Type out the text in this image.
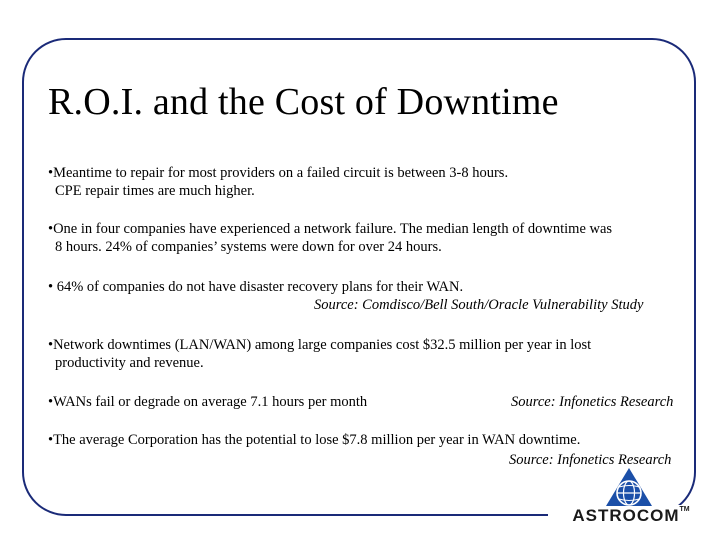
R.O.I. and the Cost of Downtime

•Meantime to repair for most providers on a failed circuit is between 3-8 hours.
CPE repair times are much higher.

•One in four companies have experienced a network failure. The median length of downtime was
8 hours. 24% of companies’ systems were down for over 24 hours.

• 64% of companies do not have disaster recovery plans for their WAN.

Source: Comdisco/Bell South/Oracle Vulnerability Study

•Network downtimes (LAN/WAN) among large companies cost $32.5 million per year in lost
productivity and revenue.

•WANs fail or degrade on average 7.1 hours per month	Source: Infonetics Research

•The average Corporation has the potential to lose $7.8 million per year in WAN downtime.

Source: Infonetics Research
ASTROCOM™
